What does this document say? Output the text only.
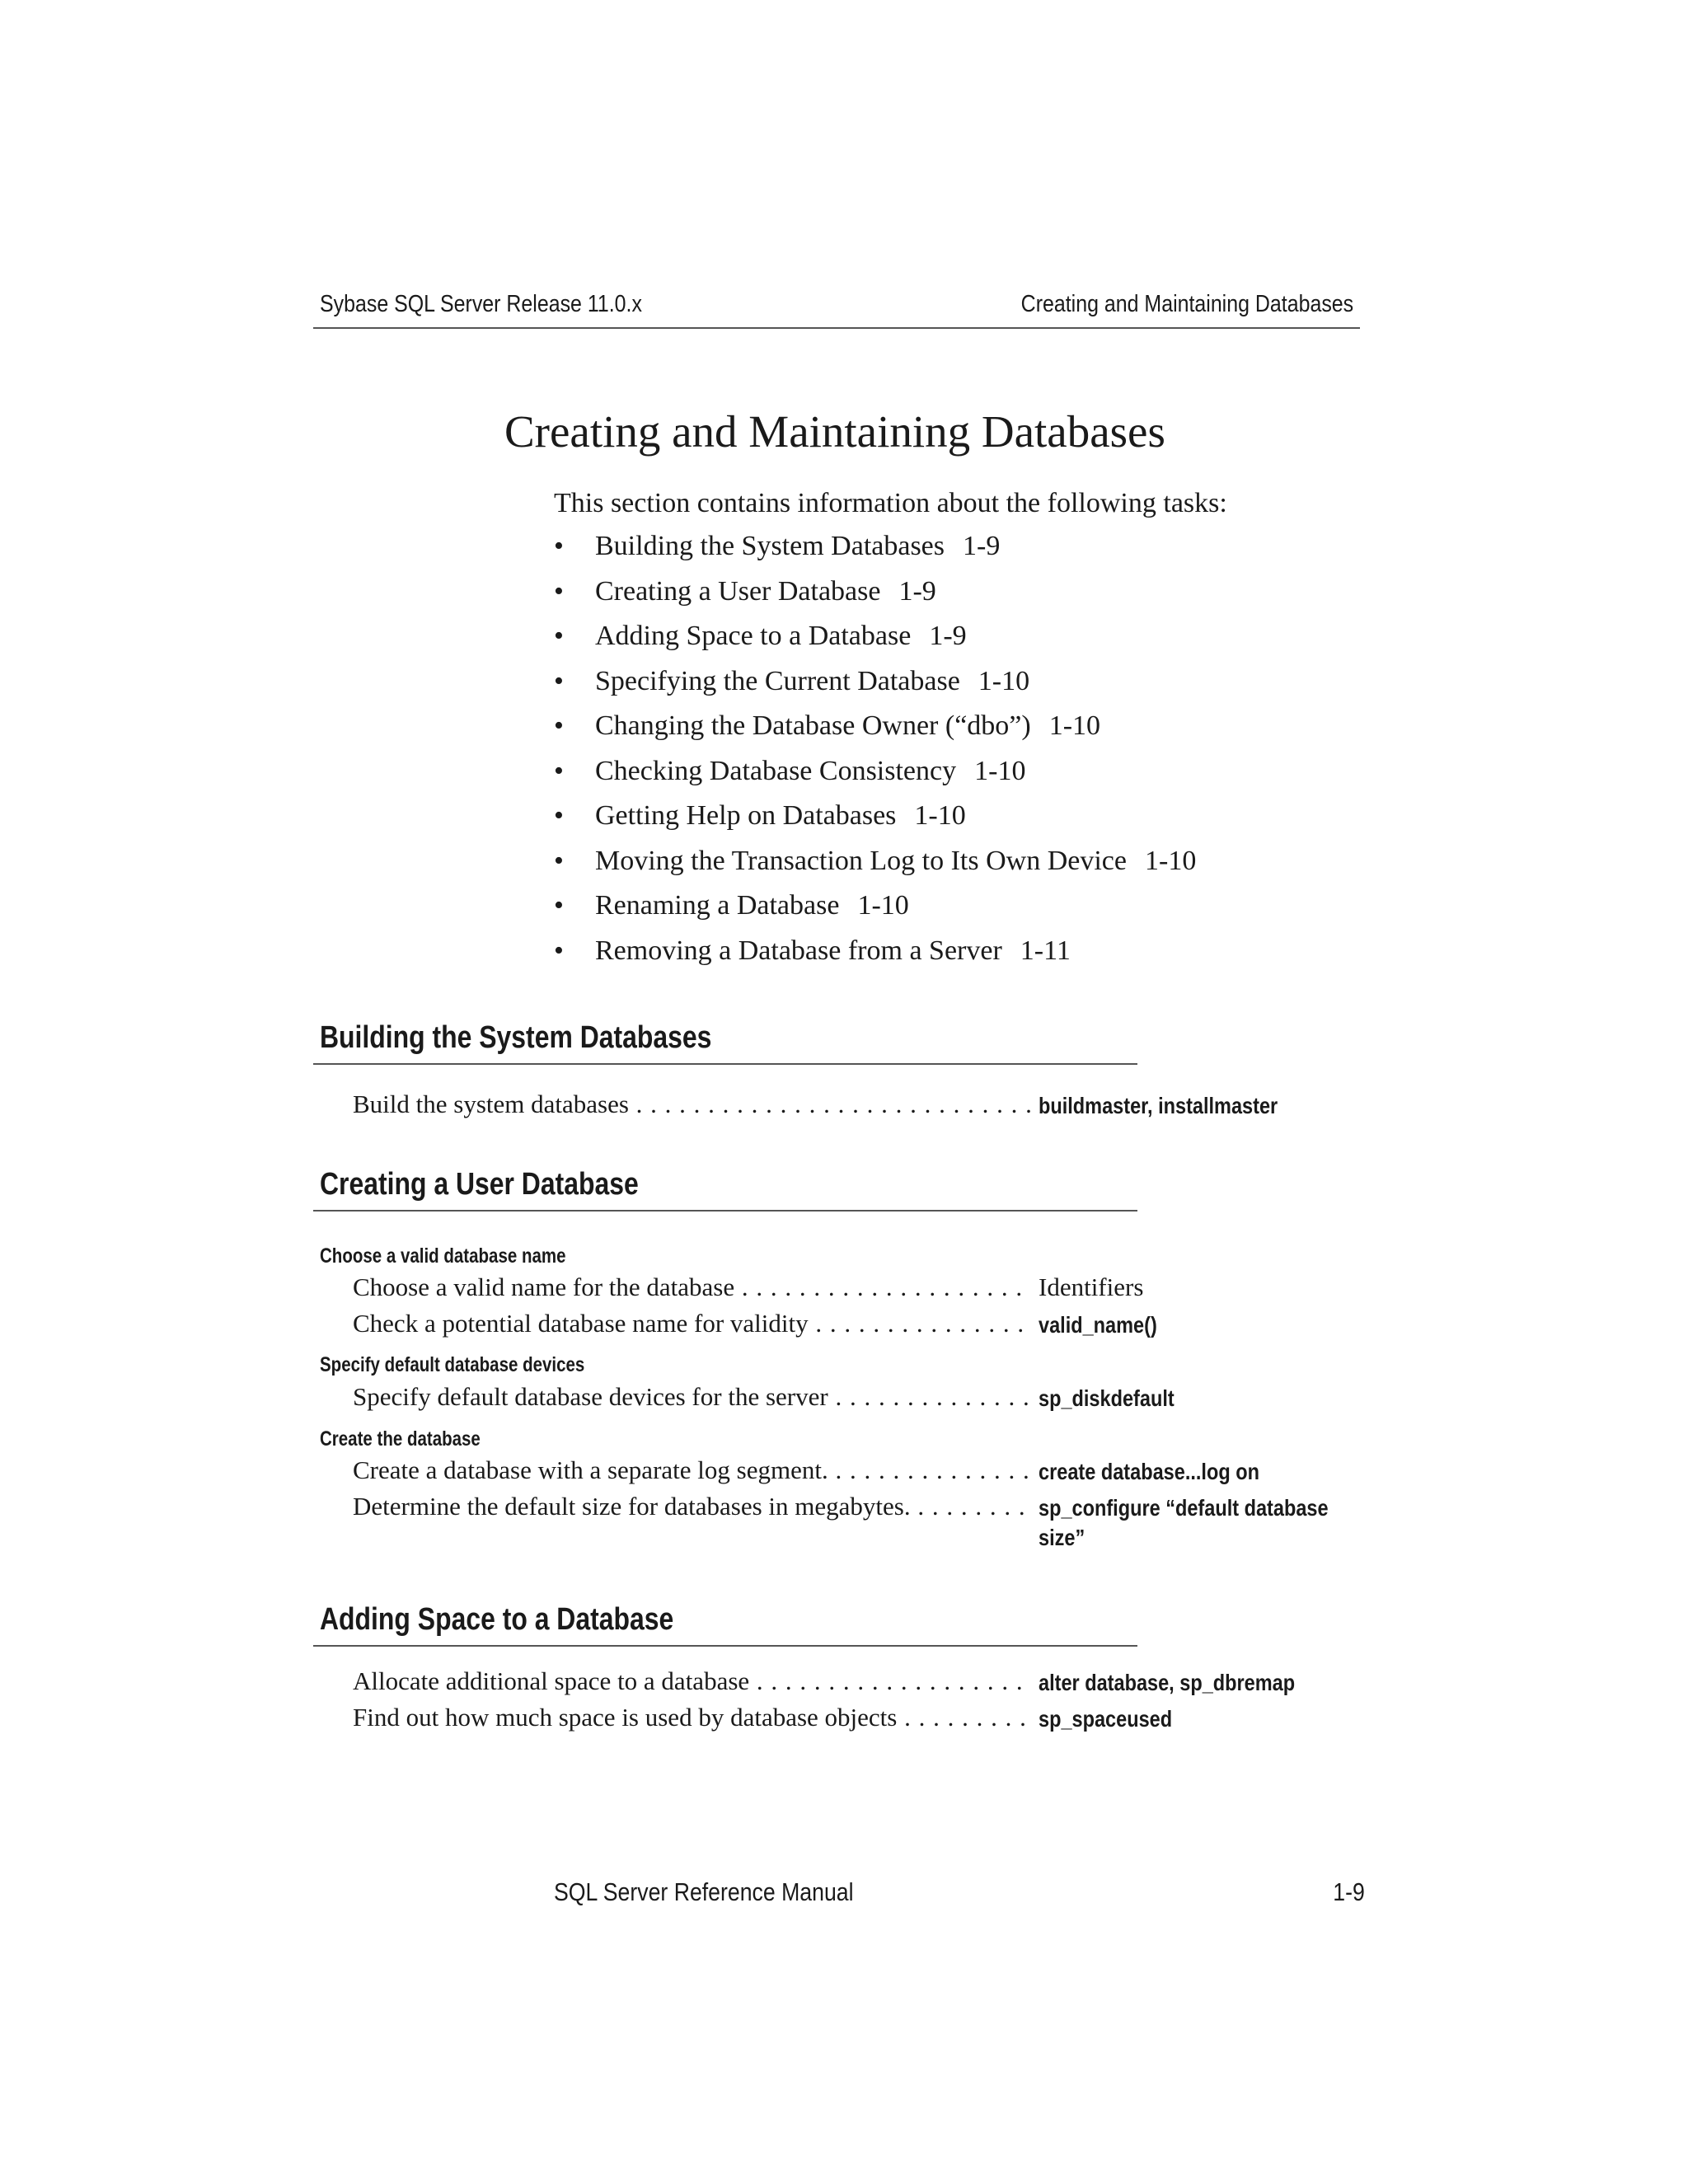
Sybase SQL Server Release 11.0.x	Creating and Maintaining Databases
Creating and Maintaining Databases
This section contains information about the following tasks:
• Building the System Databases 1-9
• Creating a User Database 1-9
• Adding Space to a Database 1-9
• Specifying the Current Database 1-10
• Changing the Database Owner (“dbo”) 1-10
• Checking Database Consistency 1-10
• Getting Help on Databases 1-10
• Moving the Transaction Log to Its Own Device 1-10
• Renaming a Database 1-10
• Removing a Database from a Server 1-11
Building the System Databases
Build the system databases . . .	buildmaster, installmaster
Creating a User Database
Choose a valid database name
Choose a valid name for the database . . .	Identifiers
Check a potential database name for validity . . .	valid_name()
Specify default database devices
Specify default database devices for the server . . .	sp_diskdefault
Create the database
Create a database with a separate log segment. . . .	create database...log on
Determine the default size for databases in megabytes. . . .	sp_configure “default database size”
Adding Space to a Database
Allocate additional space to a database . . .	alter database, sp_dbremap
Find out how much space is used by database objects . . .	sp_spaceused
SQL Server Reference Manual	1-9
